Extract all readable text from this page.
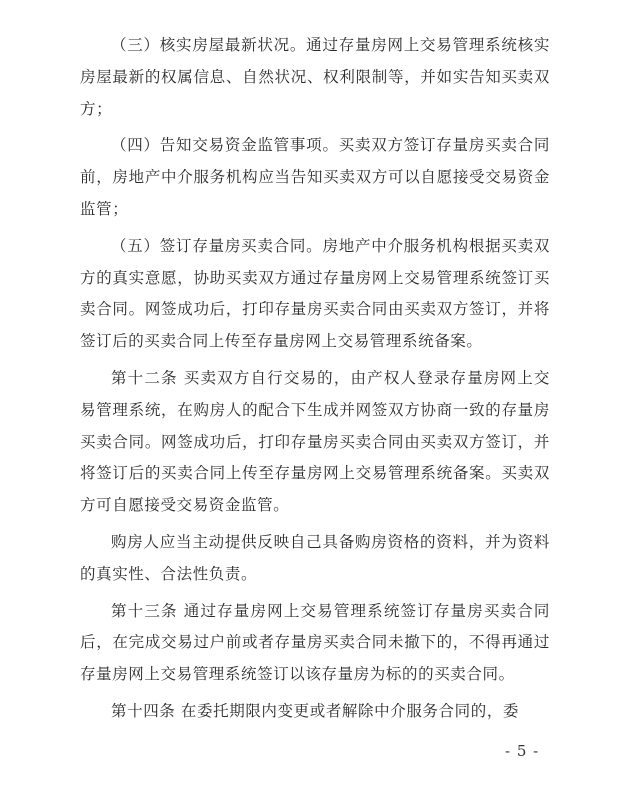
（三）核实房屋最新状况。通过存量房网上交易管理系统核实房屋最新的权属信息、自然状况、权利限制等，并如实告知买卖双方；

（四）告知交易资金监管事项。买卖双方签订存量房买卖合同前，房地产中介服务机构应当告知买卖双方可以自愿接受交易资金监管；

（五）签订存量房买卖合同。房地产中介服务机构根据买卖双方的真实意愿，协助买卖双方通过存量房网上交易管理系统签订买卖合同。网签成功后，打印存量房买卖合同由买卖双方签订，并将签订后的买卖合同上传至存量房网上交易管理系统备案。

第十二条 买卖双方自行交易的，由产权人登录存量房网上交易管理系统，在购房人的配合下生成并网签双方协商一致的存量房买卖合同。网签成功后，打印存量房买卖合同由买卖双方签订，并将签订后的买卖合同上传至存量房网上交易管理系统备案。买卖双方可自愿接受交易资金监管。

购房人应当主动提供反映自己具备购房资格的资料，并为资料的真实性、合法性负责。

第十三条 通过存量房网上交易管理系统签订存量房买卖合同后，在完成交易过户前或者存量房买卖合同未撤下的，不得再通过存量房网上交易管理系统签订以该存量房为标的的买卖合同。

第十四条 在委托期限内变更或者解除中介服务合同的，委

- 5 -
